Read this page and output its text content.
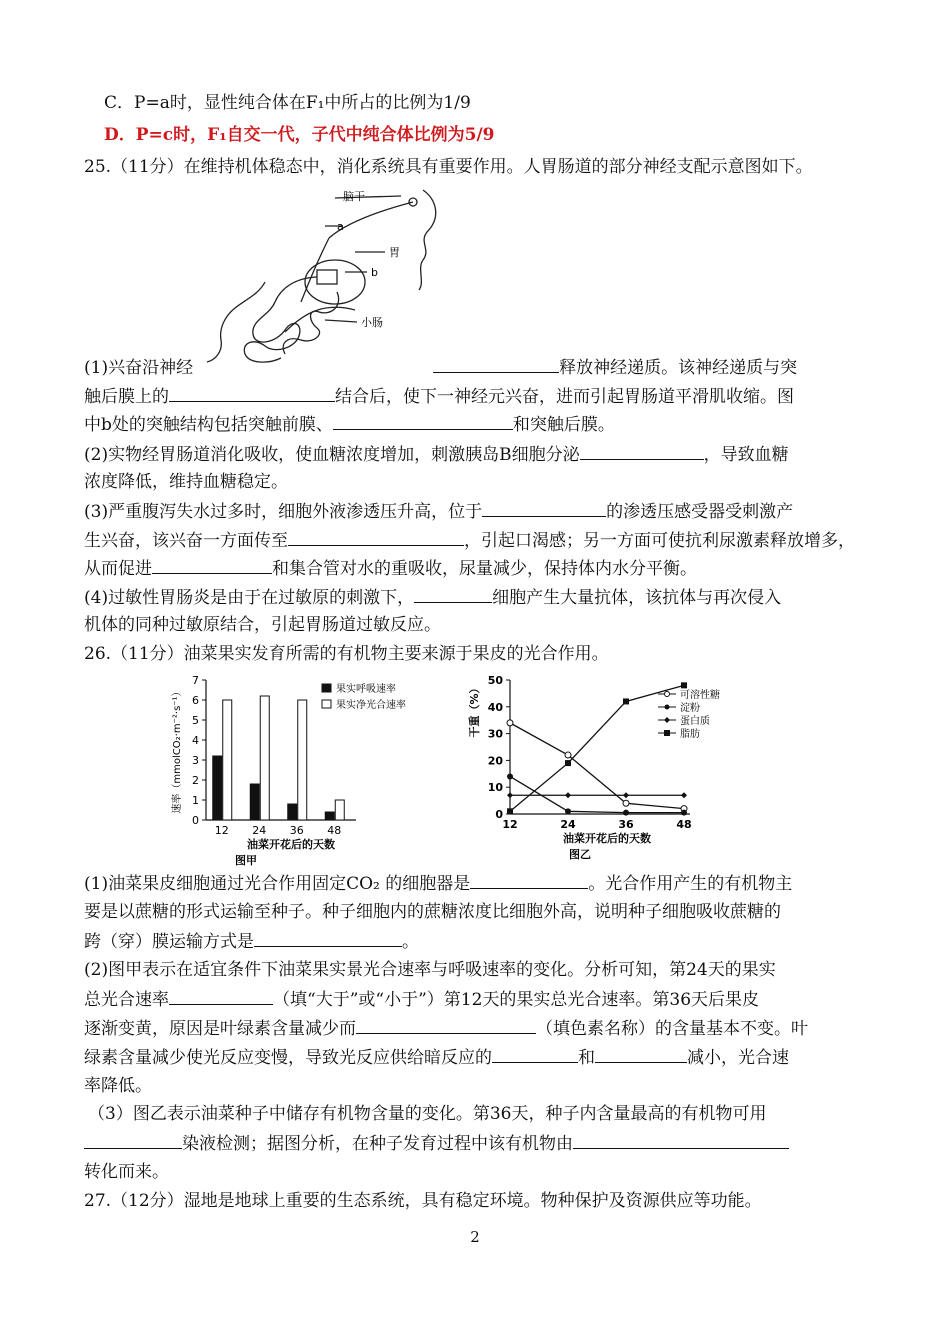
C．P=a时，显性纯合体在F₁中所占的比例为1/9
D．P=c时，F₁自交一代，子代中纯合体比例为5/9
25.（11分）在维持机体稳态中，消化系统具有重要作用。人胃肠道的部分神经支配示意图如下。
脑干
a
胃
b
小肠
(1)兴奋沿神经	释放神经递质。该神经递质与突
触后膜上的	结合后，使下一神经元兴奋，进而引起胃肠道平滑肌收缩。图
中b处的突触结构包括突触前膜、	和突触后膜。
(2)实物经胃肠道消化吸收，使血糖浓度增加，刺激胰岛B细胞分泌	，导致血糖
浓度降低，维持血糖稳定。
(3)严重腹泻失水过多时，细胞外液渗透压升高，位于	的渗透压感受器受刺激产
生兴奋，该兴奋一方面传至	，引起口渴感；另一方面可使抗利尿激素释放增多，
从而促进	和集合管对水的重吸收，尿量减少，保持体内水分平衡。
(4)过敏性胃肠炎是由于在过敏原的刺激下，	细胞产生大量抗体，该抗体与再次侵入
机体的同种过敏原结合，引起胃肠道过敏反应。
26.（11分）油菜果实发育所需的有机物主要来源于果皮的光合作用。
0
1
2
3
4
5
6
7
12 24 36 48
速率（mmolCO₂·m⁻²·s⁻¹）
油菜开花后的天数
图甲
果实呼吸速率
果实净光合速率
0
10
20
30
40
50
12	24	36	48
可溶性糖
淀粉
蛋白质
脂肪
干重（%）
油菜开花后的天数
图乙
(1)油菜果皮细胞通过光合作用固定CO₂ 的细胞器是	。光合作用产生的有机物主
要是以蔗糖的形式运输至种子。种子细胞内的蔗糖浓度比细胞外高，说明种子细胞吸收蔗糖的
跨（穿）膜运输方式是	。
(2)图甲表示在适宜条件下油菜果实景光合速率与呼吸速率的变化。分析可知，第24天的果实
总光合速率	（填“大于”或“小于”）第12天的果实总光合速率。第36天后果皮
逐渐变黄，原因是叶绿素含量减少而	（填色素名称）的含量基本不变。叶
绿素含量减少使光反应变慢，导致光反应供给暗反应的	和	减小，光合速
率降低。
（3）图乙表示油菜种子中储存有机物含量的变化。第36天，种子内含量最高的有机物可用
染液检测；据图分析，在种子发育过程中该有机物由
转化而来。
27.（12分）湿地是地球上重要的生态系统，具有稳定环境。物种保护及资源供应等功能。
2
